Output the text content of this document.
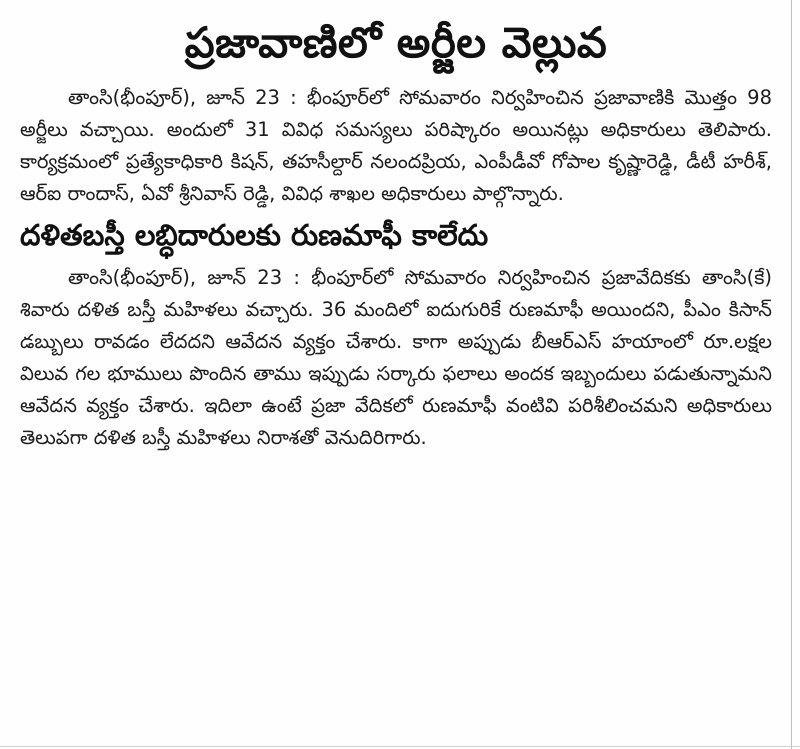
ప్రజావాణిలో అర్జీల వెల్లువ

తాంసి(భీంపూర్), జూన్ 23 : భీంపూర్‌లో సోమవారం నిర్వహించిన ప్రజావాణికి మొత్తం 98 అర్జీలు వచ్చాయి. అందులో 31 వివిధ సమస్యలు పరిష్కారం అయినట్లు అధికారులు తెలిపారు. కార్యక్రమంలో ప్రత్యేకాధికారి కిషన్, తహసీల్దార్ నలందప్రియ, ఎంపీడీవో గోపాల కృష్ణారెడ్డి, డీటీ హరీశ్, ఆర్ఐ రాందాస్, ఏవో శ్రీనివాస్ రెడ్డి, వివిధ శాఖల అధికారులు పాల్గొన్నారు.

దళితబస్తీ లబ్ధిదారులకు రుణమాఫీ కాలేదు

తాంసి(భీంపూర్), జూన్ 23 : భీంపూర్‌లో సోమవారం నిర్వహించిన ప్రజావేదికకు తాంసి(కే) శివారు దళిత బస్తీ మహిళలు వచ్చారు. 36 మందిలో ఐదుగురికే రుణమాఫీ అయిందని, పీఎం కిసాన్ డబ్బులు రావడం లేదదని ఆవేదన వ్యక్తం చేశారు. కాగా అప్పుడు బీఆర్ఎస్ హయాంలో రూ.లక్షల విలువ గల భూములు పొందిన తాము ఇప్పుడు సర్కారు ఫలాలు అందక ఇబ్బందులు పడుతున్నామని ఆవేదన వ్యక్తం చేశారు. ఇదిలా ఉంటే ప్రజా వేదికలో రుణమాఫీ వంటివి పరిశీలించమని అధికారులు తెలుపగా దళిత బస్తీ మహిళలు నిరాశతో వెనుదిరిగారు.
